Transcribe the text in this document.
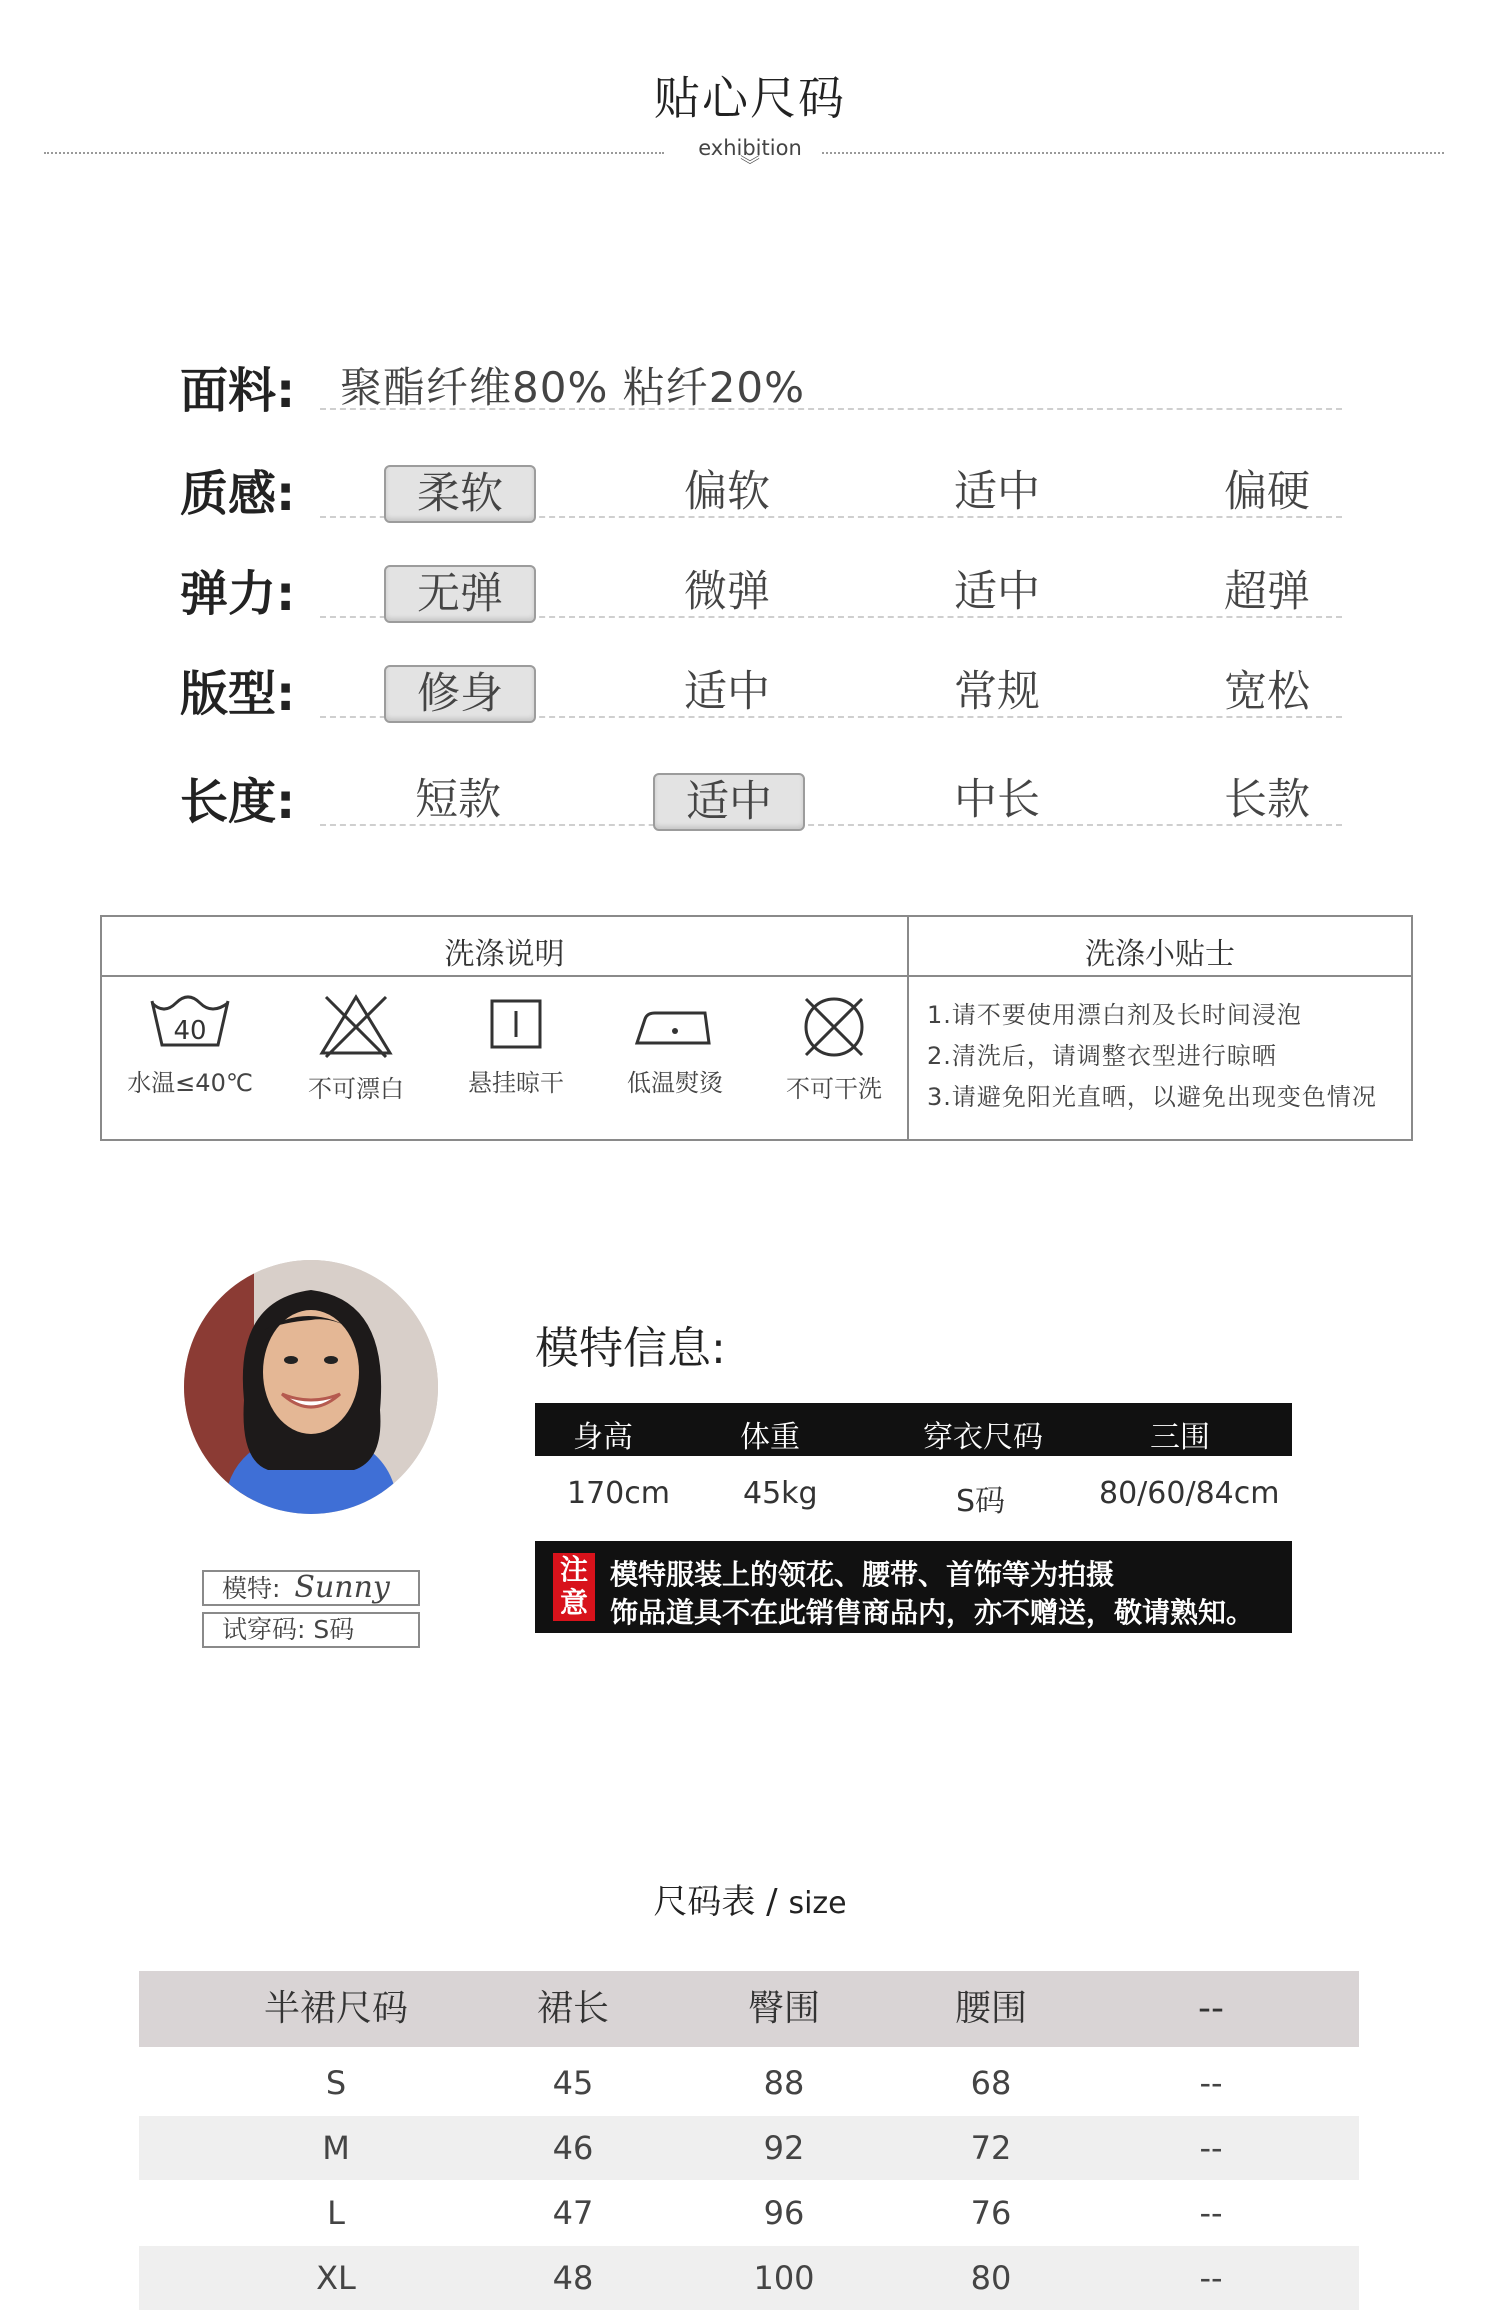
贴心尺码
exhibition
︾
面料: 聚酯纤维80% 粘纤20%
质感:	柔软	偏软	适中	偏硬
弹力:	无弹	微弹	适中	超弹
版型:	修身	适中	常规	宽松
长度:	短款	适中	中长	长款
洗涤说明	洗涤小贴士
40
水温≤40℃	不可漂白	悬挂晾干	低温熨烫	不可干洗
1.请不要使用漂白剂及长时间浸泡
2.清洗后，请调整衣型进行晾晒
3.请避免阳光直晒，以避免出现变色情况
模特: Sunny
试穿码: S码
模特信息:
身高	体重	穿衣尺码	三围
170cm 45kg	S码	80/60/84cm
注
意
模特服装上的领花、腰带、首饰等为拍摄
饰品道具不在此销售商品内，亦不赠送，敬请熟知。
尺码表 / size
半裙尺码	裙长	臀围	腰围	--
S	45	88	68	--
M	46	92	72	--
L	47	96	76	--
XL	48	100	80	--
